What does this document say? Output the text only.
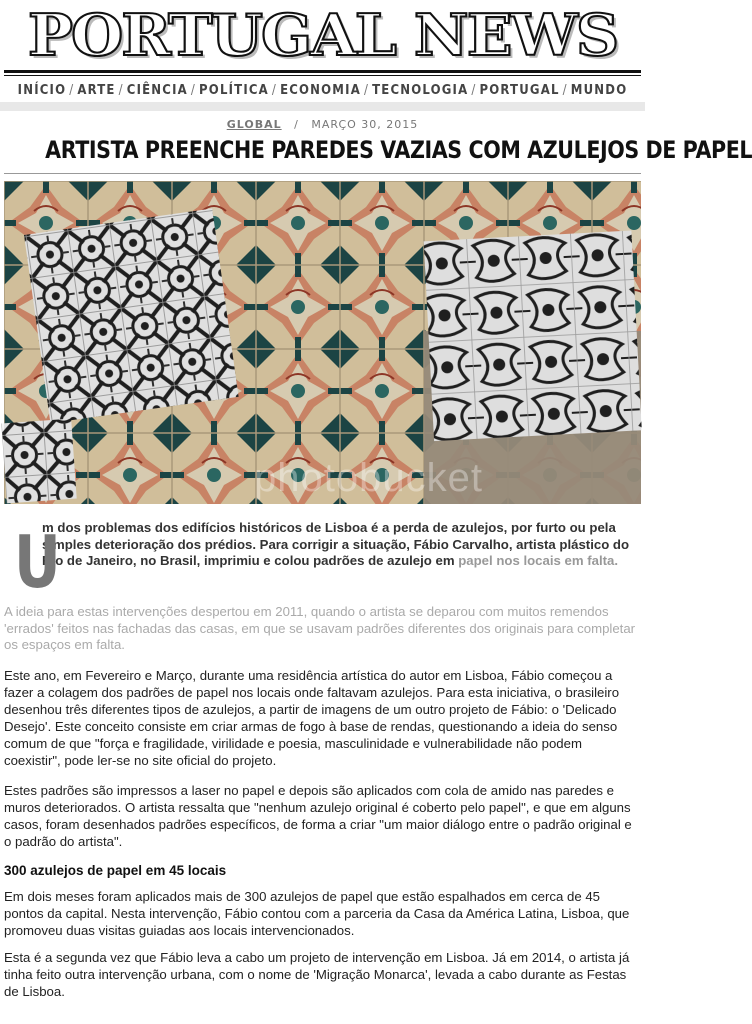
PORTUGAL NEWS
INÍCIO / ARTE / CIÊNCIA / POLÍTICA / ECONOMIA / TECNOLOGIA / PORTUGAL / MUNDO
GLOBAL / MARÇO 30, 2015
ARTISTA PREENCHE PAREDES VAZIAS COM AZULEJOS DE PAPEL
photobucket
U
m dos problemas dos edifícios históricos de Lisboa é a perda de azulejos, por furto ou pela simples deterioração dos prédios. Para corrigir a situação, Fábio Carvalho, artista plástico do Rio de Janeiro, no Brasil, imprimiu e colou padrões de azulejo em papel nos locais em falta.

A ideia para estas intervenções despertou em 2011, quando o artista se deparou com muitos remendos 'errados' feitos nas fachadas das casas, em que se usavam padrões diferentes dos originais para completar os espaços em falta.

Este ano, em Fevereiro e Março, durante uma residência artística do autor em Lisboa, Fábio começou a fazer a colagem dos padrões de papel nos locais onde faltavam azulejos. Para esta iniciativa, o brasileiro desenhou três diferentes tipos de azulejos, a partir de imagens de um outro projeto de Fábio: o 'Delicado Desejo'. Este conceito consiste em criar armas de fogo à base de rendas, questionando a ideia do senso comum de que "força e fragilidade, virilidade e poesia, masculinidade e vulnerabilidade não podem coexistir", pode ler-se no site oficial do projeto.

Estes padrões são impressos a laser no papel e depois são aplicados com cola de amido nas paredes e muros deteriorados. O artista ressalta que "nenhum azulejo original é coberto pelo papel", e que em alguns casos, foram desenhados padrões específicos, de forma a criar "um maior diálogo entre o padrão original e o padrão do artista".

300 azulejos de papel em 45 locais

Em dois meses foram aplicados mais de 300 azulejos de papel que estão espalhados em cerca de 45 pontos da capital. Nesta intervenção, Fábio contou com a parceria da Casa da América Latina, Lisboa, que promoveu duas visitas guiadas aos locais intervencionados.

Esta é a segunda vez que Fábio leva a cabo um projeto de intervenção em Lisboa. Já em 2014, o artista já tinha feito outra intervenção urbana, com o nome de 'Migração Monarca', levada a cabo durante as Festas de Lisboa.
